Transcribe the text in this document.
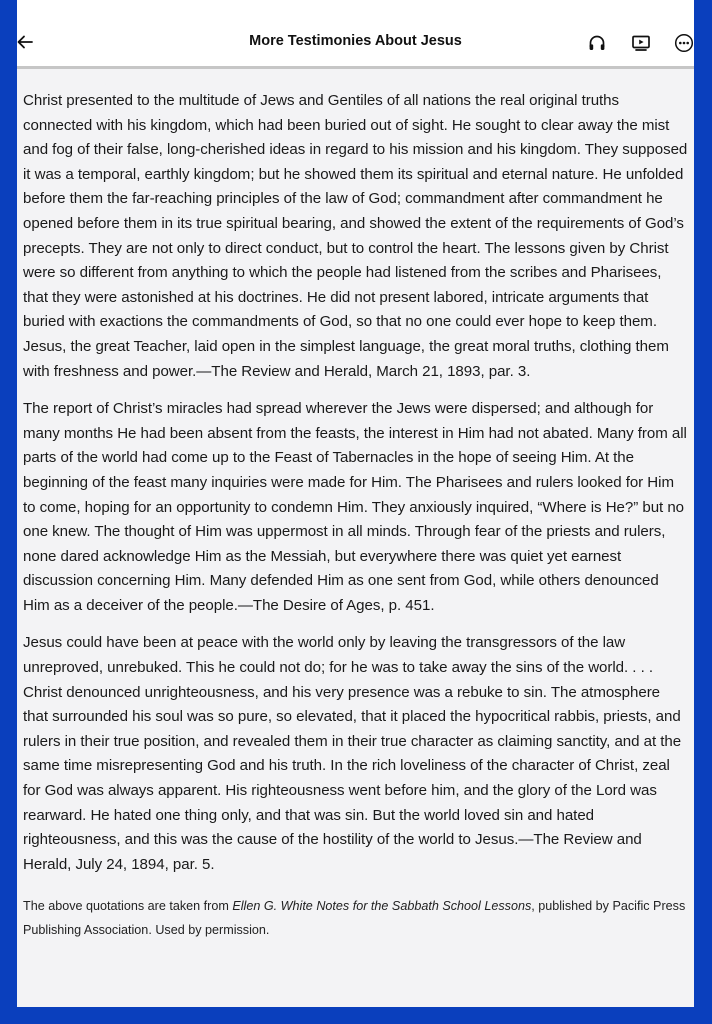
More Testimonies About Jesus

Christ presented to the multitude of Jews and Gentiles of all nations the real original truths connected with his kingdom, which had been buried out of sight. He sought to clear away the mist and fog of their false, long-cherished ideas in regard to his mission and his kingdom. They supposed it was a temporal, earthly kingdom; but he showed them its spiritual and eternal nature. He unfolded before them the far-reaching principles of the law of God; commandment after commandment he opened before them in its true spiritual bearing, and showed the extent of the requirements of God’s precepts. They are not only to direct conduct, but to control the heart. The lessons given by Christ were so different from anything to which the people had listened from the scribes and Pharisees, that they were astonished at his doctrines. He did not present labored, intricate arguments that buried with exactions the commandments of God, so that no one could ever hope to keep them. Jesus, the great Teacher, laid open in the simplest language, the great moral truths, clothing them with freshness and power.—The Review and Herald, March 21, 1893, par. 3.

The report of Christ’s miracles had spread wherever the Jews were dispersed; and although for many months He had been absent from the feasts, the interest in Him had not abated. Many from all parts of the world had come up to the Feast of Tabernacles in the hope of seeing Him. At the beginning of the feast many inquiries were made for Him. The Pharisees and rulers looked for Him to come, hoping for an opportunity to condemn Him. They anxiously inquired, “Where is He?” but no one knew. The thought of Him was uppermost in all minds. Through fear of the priests and rulers, none dared acknowledge Him as the Messiah, but everywhere there was quiet yet earnest discussion concerning Him. Many defended Him as one sent from God, while others denounced Him as a deceiver of the people.—The Desire of Ages, p. 451.

Jesus could have been at peace with the world only by leaving the transgressors of the law unreproved, unrebuked. This he could not do; for he was to take away the sins of the world. . . . Christ denounced unrighteousness, and his very presence was a rebuke to sin. The atmosphere that surrounded his soul was so pure, so elevated, that it placed the hypocritical rabbis, priests, and rulers in their true position, and revealed them in their true character as claiming sanctity, and at the same time misrepresenting God and his truth. In the rich loveliness of the character of Christ, zeal for God was always apparent. His righteousness went before him, and the glory of the Lord was rearward. He hated one thing only, and that was sin. But the world loved sin and hated righteousness, and this was the cause of the hostility of the world to Jesus.—The Review and Herald, July 24, 1894, par. 5.

The above quotations are taken from Ellen G. White Notes for the Sabbath School Lessons, published by Pacific Press Publishing Association. Used by permission.
